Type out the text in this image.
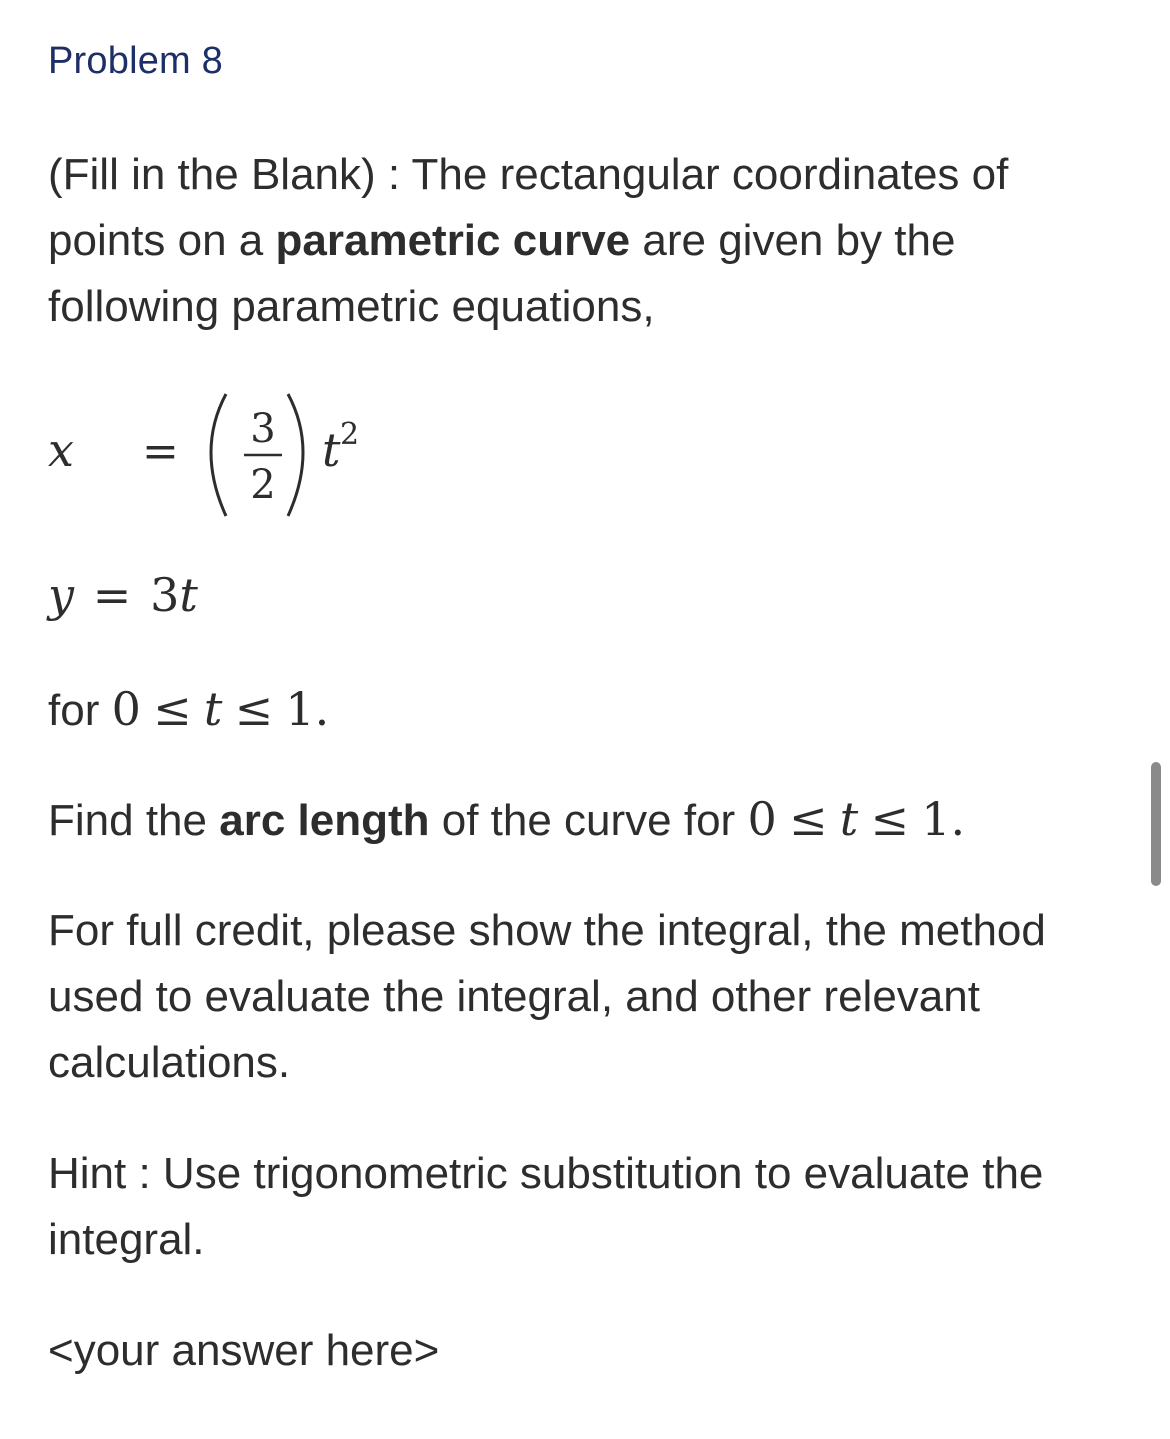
Problem 8
(Fill in the Blank) : The rectangular coordinates of points on a parametric curve are given by the following parametric equations,
x = 3
2
t 2
y = 3t
for 0 ≤ t ≤ 1.
Find the arc length of the curve for 0 ≤ t ≤ 1.
For full credit, please show the integral, the method used to evaluate the integral, and other relevant calculations.
Hint : Use trigonometric substitution to evaluate the integral.
<your answer here>
